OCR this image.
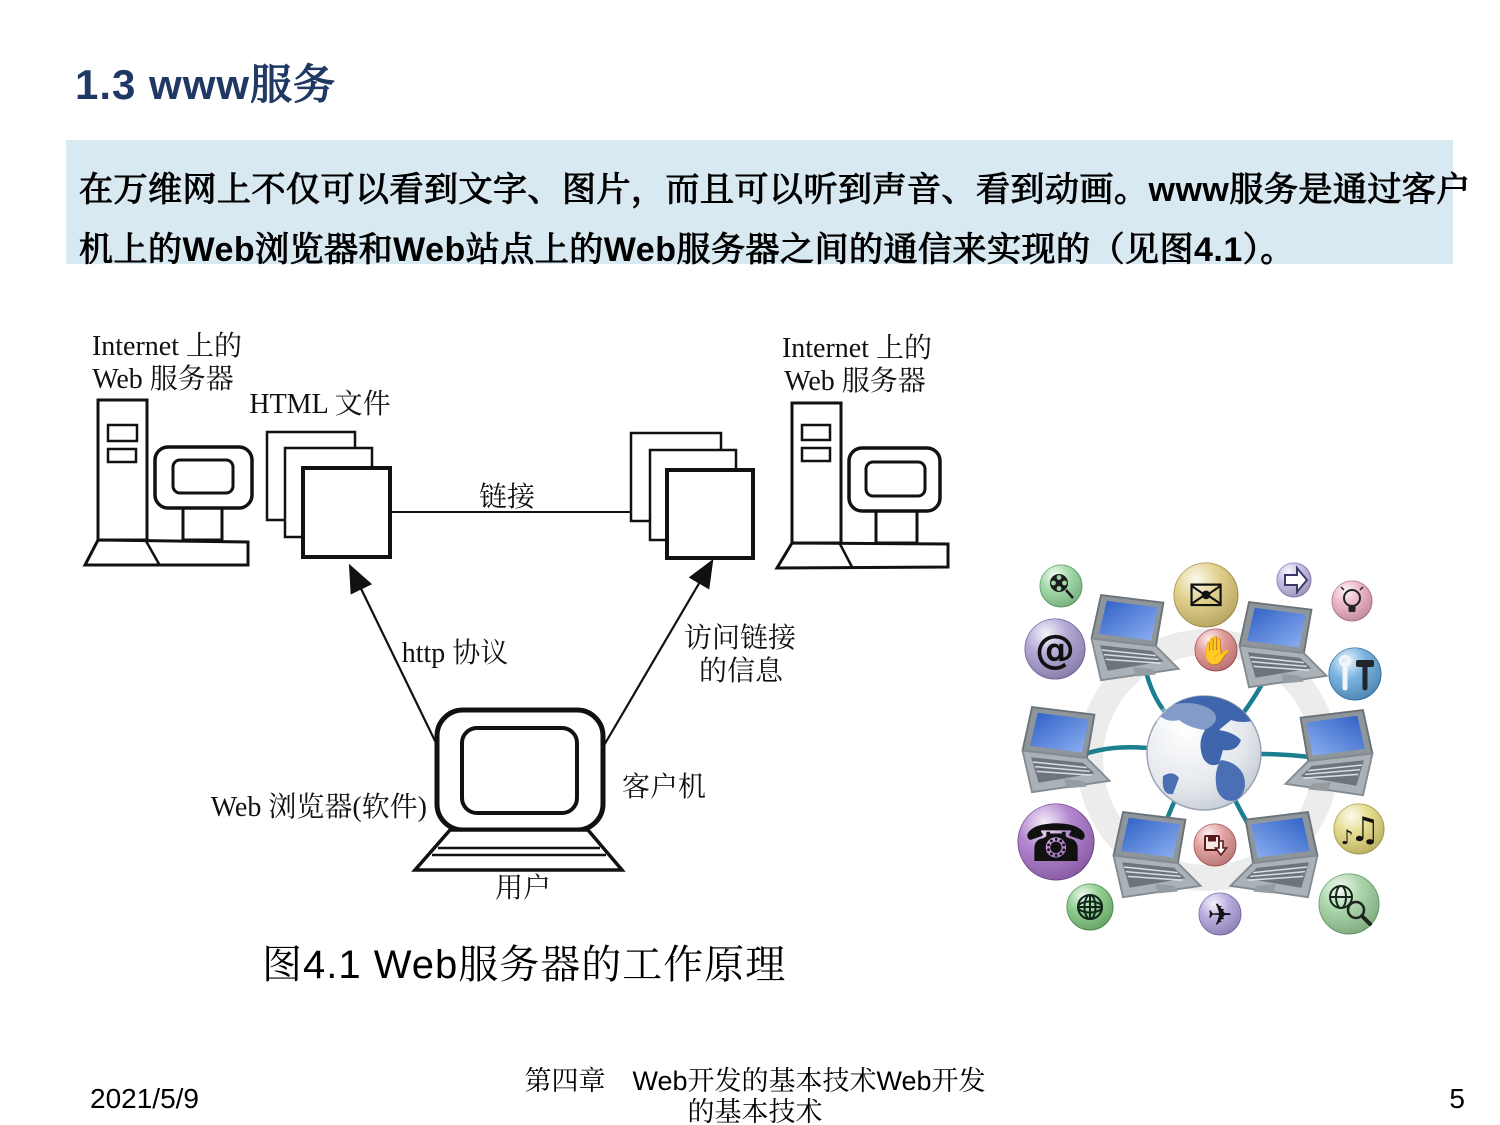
1.3 www服务
在万维网上不仅可以看到文字、图片，而且可以听到声音、看到动画。www服务是通过客户
机上的Web浏览器和Web站点上的Web服务器之间的通信来实现的（见图4.1）。
Internet 上的
Web 服务器
HTML 文件
链接
Internet 上的
Web 服务器
http 协议	访问链接
的信息
Web 浏览器(软件)
客户机
用户
@
✉
✋
☎	♫
♪
✈
图4.1 Web服务器的工作原理
2021/5/9
第四章　Web开发的基本技术Web开发
的基本技术	5
